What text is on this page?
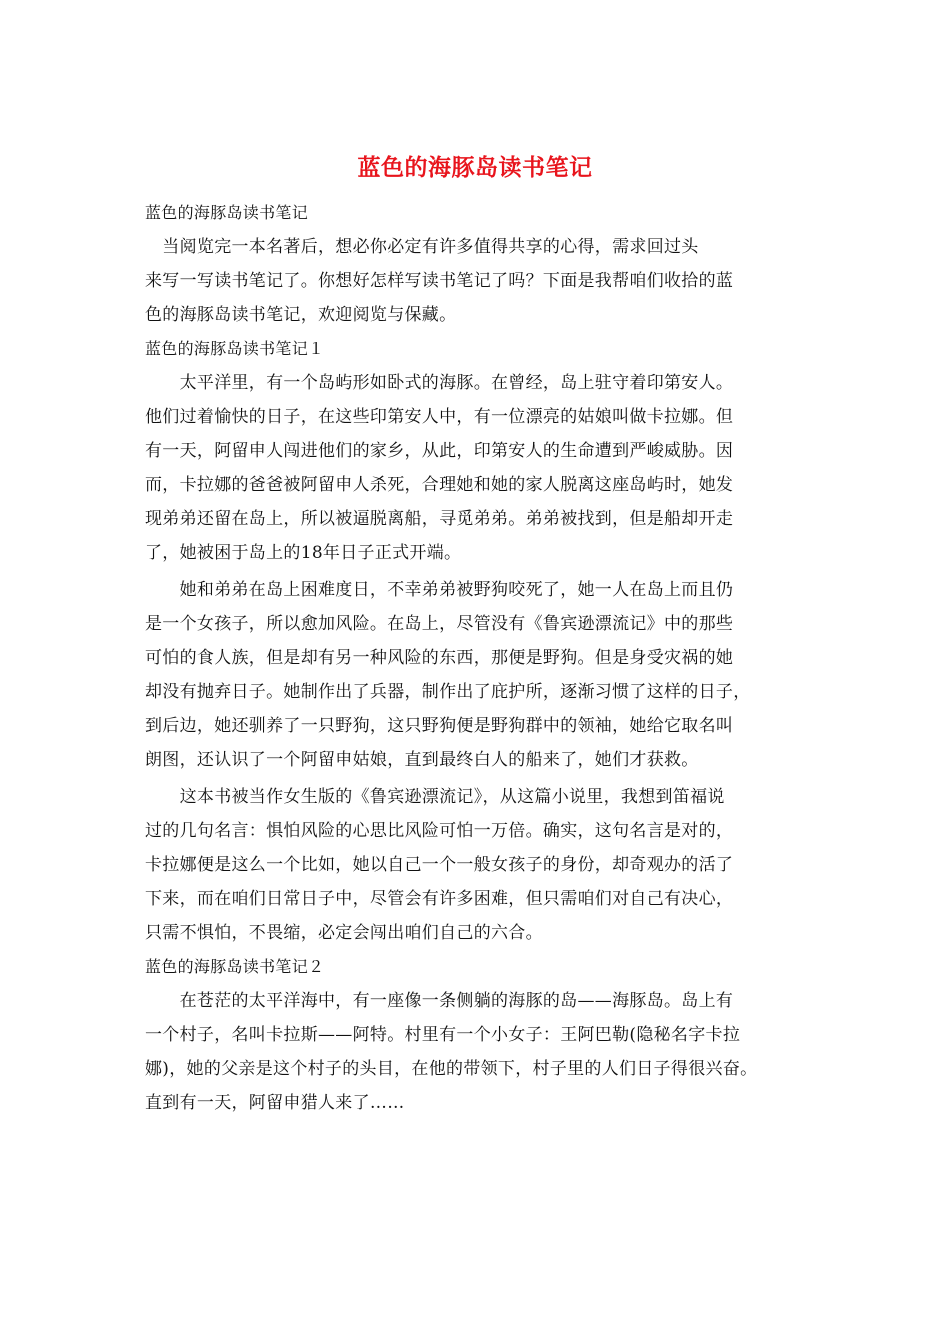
蓝色的海豚岛读书笔记
蓝色的海豚岛读书笔记
　当阅览完一本名著后，想必你必定有许多值得共享的心得，需求回过头
来写一写读书笔记了。你想好怎样写读书笔记了吗？下面是我帮咱们收拾的蓝
色的海豚岛读书笔记，欢迎阅览与保藏。
蓝色的海豚岛读书笔记１
　　太平洋里，有一个岛屿形如卧式的海豚。在曾经，岛上驻守着印第安人。
他们过着愉快的日子，在这些印第安人中，有一位漂亮的姑娘叫做卡拉娜。但
有一天，阿留申人闯进他们的家乡，从此，印第安人的生命遭到严峻威胁。因
而，卡拉娜的爸爸被阿留申人杀死，合理她和她的家人脱离这座岛屿时，她发
现弟弟还留在岛上，所以被逼脱离船，寻觅弟弟。弟弟被找到，但是船却开走
了，她被困于岛上的18年日子正式开端。
　　她和弟弟在岛上困难度日，不幸弟弟被野狗咬死了，她一人在岛上而且仍
是一个女孩子，所以愈加风险。在岛上，尽管没有《鲁宾逊漂流记》中的那些
可怕的食人族，但是却有另一种风险的东西，那便是野狗。但是身受灾祸的她
却没有抛弃日子。她制作出了兵器，制作出了庇护所，逐渐习惯了这样的日子，
到后边，她还驯养了一只野狗，这只野狗便是野狗群中的领袖，她给它取名叫
朗图，还认识了一个阿留申姑娘，直到最终白人的船来了，她们才获救。
　　这本书被当作女生版的《鲁宾逊漂流记》，从这篇小说里，我想到笛福说
过的几句名言：惧怕风险的心思比风险可怕一万倍。确实，这句名言是对的，
卡拉娜便是这么一个比如，她以自己一个一般女孩子的身份，却奇观办的活了
下来，而在咱们日常日子中，尽管会有许多困难，但只需咱们对自己有决心，
只需不惧怕，不畏缩，必定会闯出咱们自己的六合。
蓝色的海豚岛读书笔记２
　　在苍茫的太平洋海中，有一座像一条侧躺的海豚的岛——海豚岛。岛上有
一个村子，名叫卡拉斯——阿特。村里有一个小女子：王阿巴勒(隐秘名字卡拉
娜)，她的父亲是这个村子的头目，在他的带领下，村子里的人们日子得很兴奋。
直到有一天，阿留申猎人来了……
